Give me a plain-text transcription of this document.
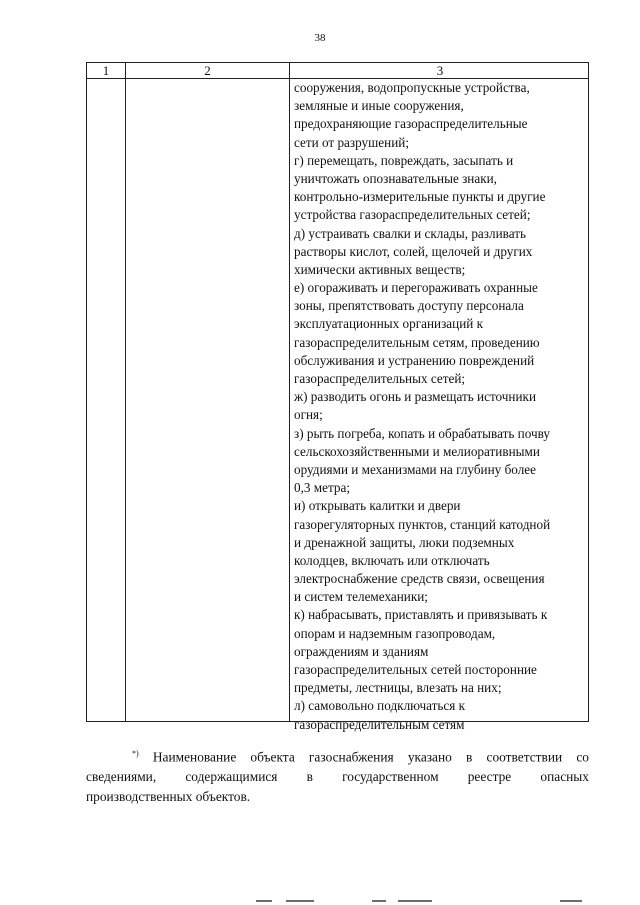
38
1	2	3
сооружения, водопропускные устройства,
земляные и иные сооружения,
предохраняющие газораспределительные
сети от разрушений;
г) перемещать, повреждать, засыпать и
уничтожать опознавательные знаки,
контрольно-измерительные пункты и другие
устройства газораспределительных сетей;
д) устраивать свалки и склады, разливать
растворы кислот, солей, щелочей и других
химически активных веществ;
е) огораживать и перегораживать охранные
зоны, препятствовать доступу персонала
эксплуатационных организаций к
газораспределительным сетям, проведению
обслуживания и устранению повреждений
газораспределительных сетей;
ж) разводить огонь и размещать источники
огня;
з) рыть погреба, копать и обрабатывать почву
сельскохозяйственными и мелиоративными
орудиями и механизмами на глубину более
0,3 метра;
и) открывать калитки и двери
газорегуляторных пунктов, станций катодной
и дренажной защиты, люки подземных
колодцев, включать или отключать
электроснабжение средств связи, освещения
и систем телемеханики;
к) набрасывать, приставлять и привязывать к
опорам и надземным газопроводам,
ограждениям и зданиям
газораспределительных сетей посторонние
предметы, лестницы, влезать на них;
л) самовольно подключаться к
газораспределительным сетям
*) Наименование объекта газоснабжения указано в соответствии со
сведениями, содержащимися в государственном реестре опасных
производственных объектов.
